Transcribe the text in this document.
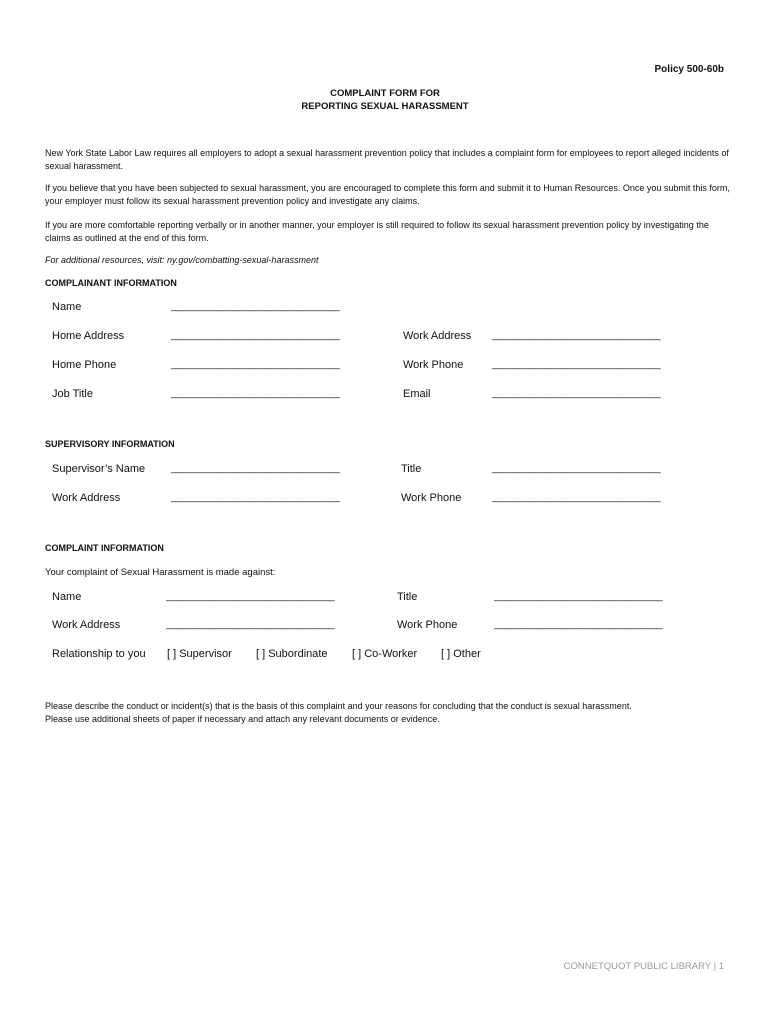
Policy 500-60b
COMPLAINT FORM FOR
REPORTING SEXUAL HARASSMENT
New York State Labor Law requires all employers to adopt a sexual harassment prevention policy that includes a complaint form for employees to report alleged incidents of sexual harassment.
If you believe that you have been subjected to sexual harassment, you are encouraged to complete this form and submit it to Human Resources. Once you submit this form, your employer must follow its sexual harassment prevention policy and investigate any claims.
If you are more comfortable reporting verbally or in another manner, your employer is still required to follow its sexual harassment prevention policy by investigating the claims as outlined at the end of this form.
For additional resources, visit: ny.gov/combatting-sexual-harassment
COMPLAINANT INFORMATION
Name	________________________________
Home Address	________________________________	Work Address ________________________________
Home Phone	________________________________	Work Phone	________________________________
Job Title	________________________________	Email	________________________________
SUPERVISORY INFORMATION
Supervisor’s Name	________________________________	Title	________________________________
Work Address	________________________________	Work Phone	________________________________
COMPLAINT INFORMATION
Your complaint of Sexual Harassment is made against:
Name	________________________________	Title	________________________________
Work Address	________________________________	Work Phone	________________________________
Relationship to you [ ] Supervisor [ ] Subordinate [ ] Co-Worker [ ] Other
Please describe the conduct or incident(s) that is the basis of this complaint and your reasons for concluding that the conduct is sexual harassment.
Please use additional sheets of paper if necessary and attach any relevant documents or evidence.
CONNETQUOT PUBLIC LIBRARY | 1
